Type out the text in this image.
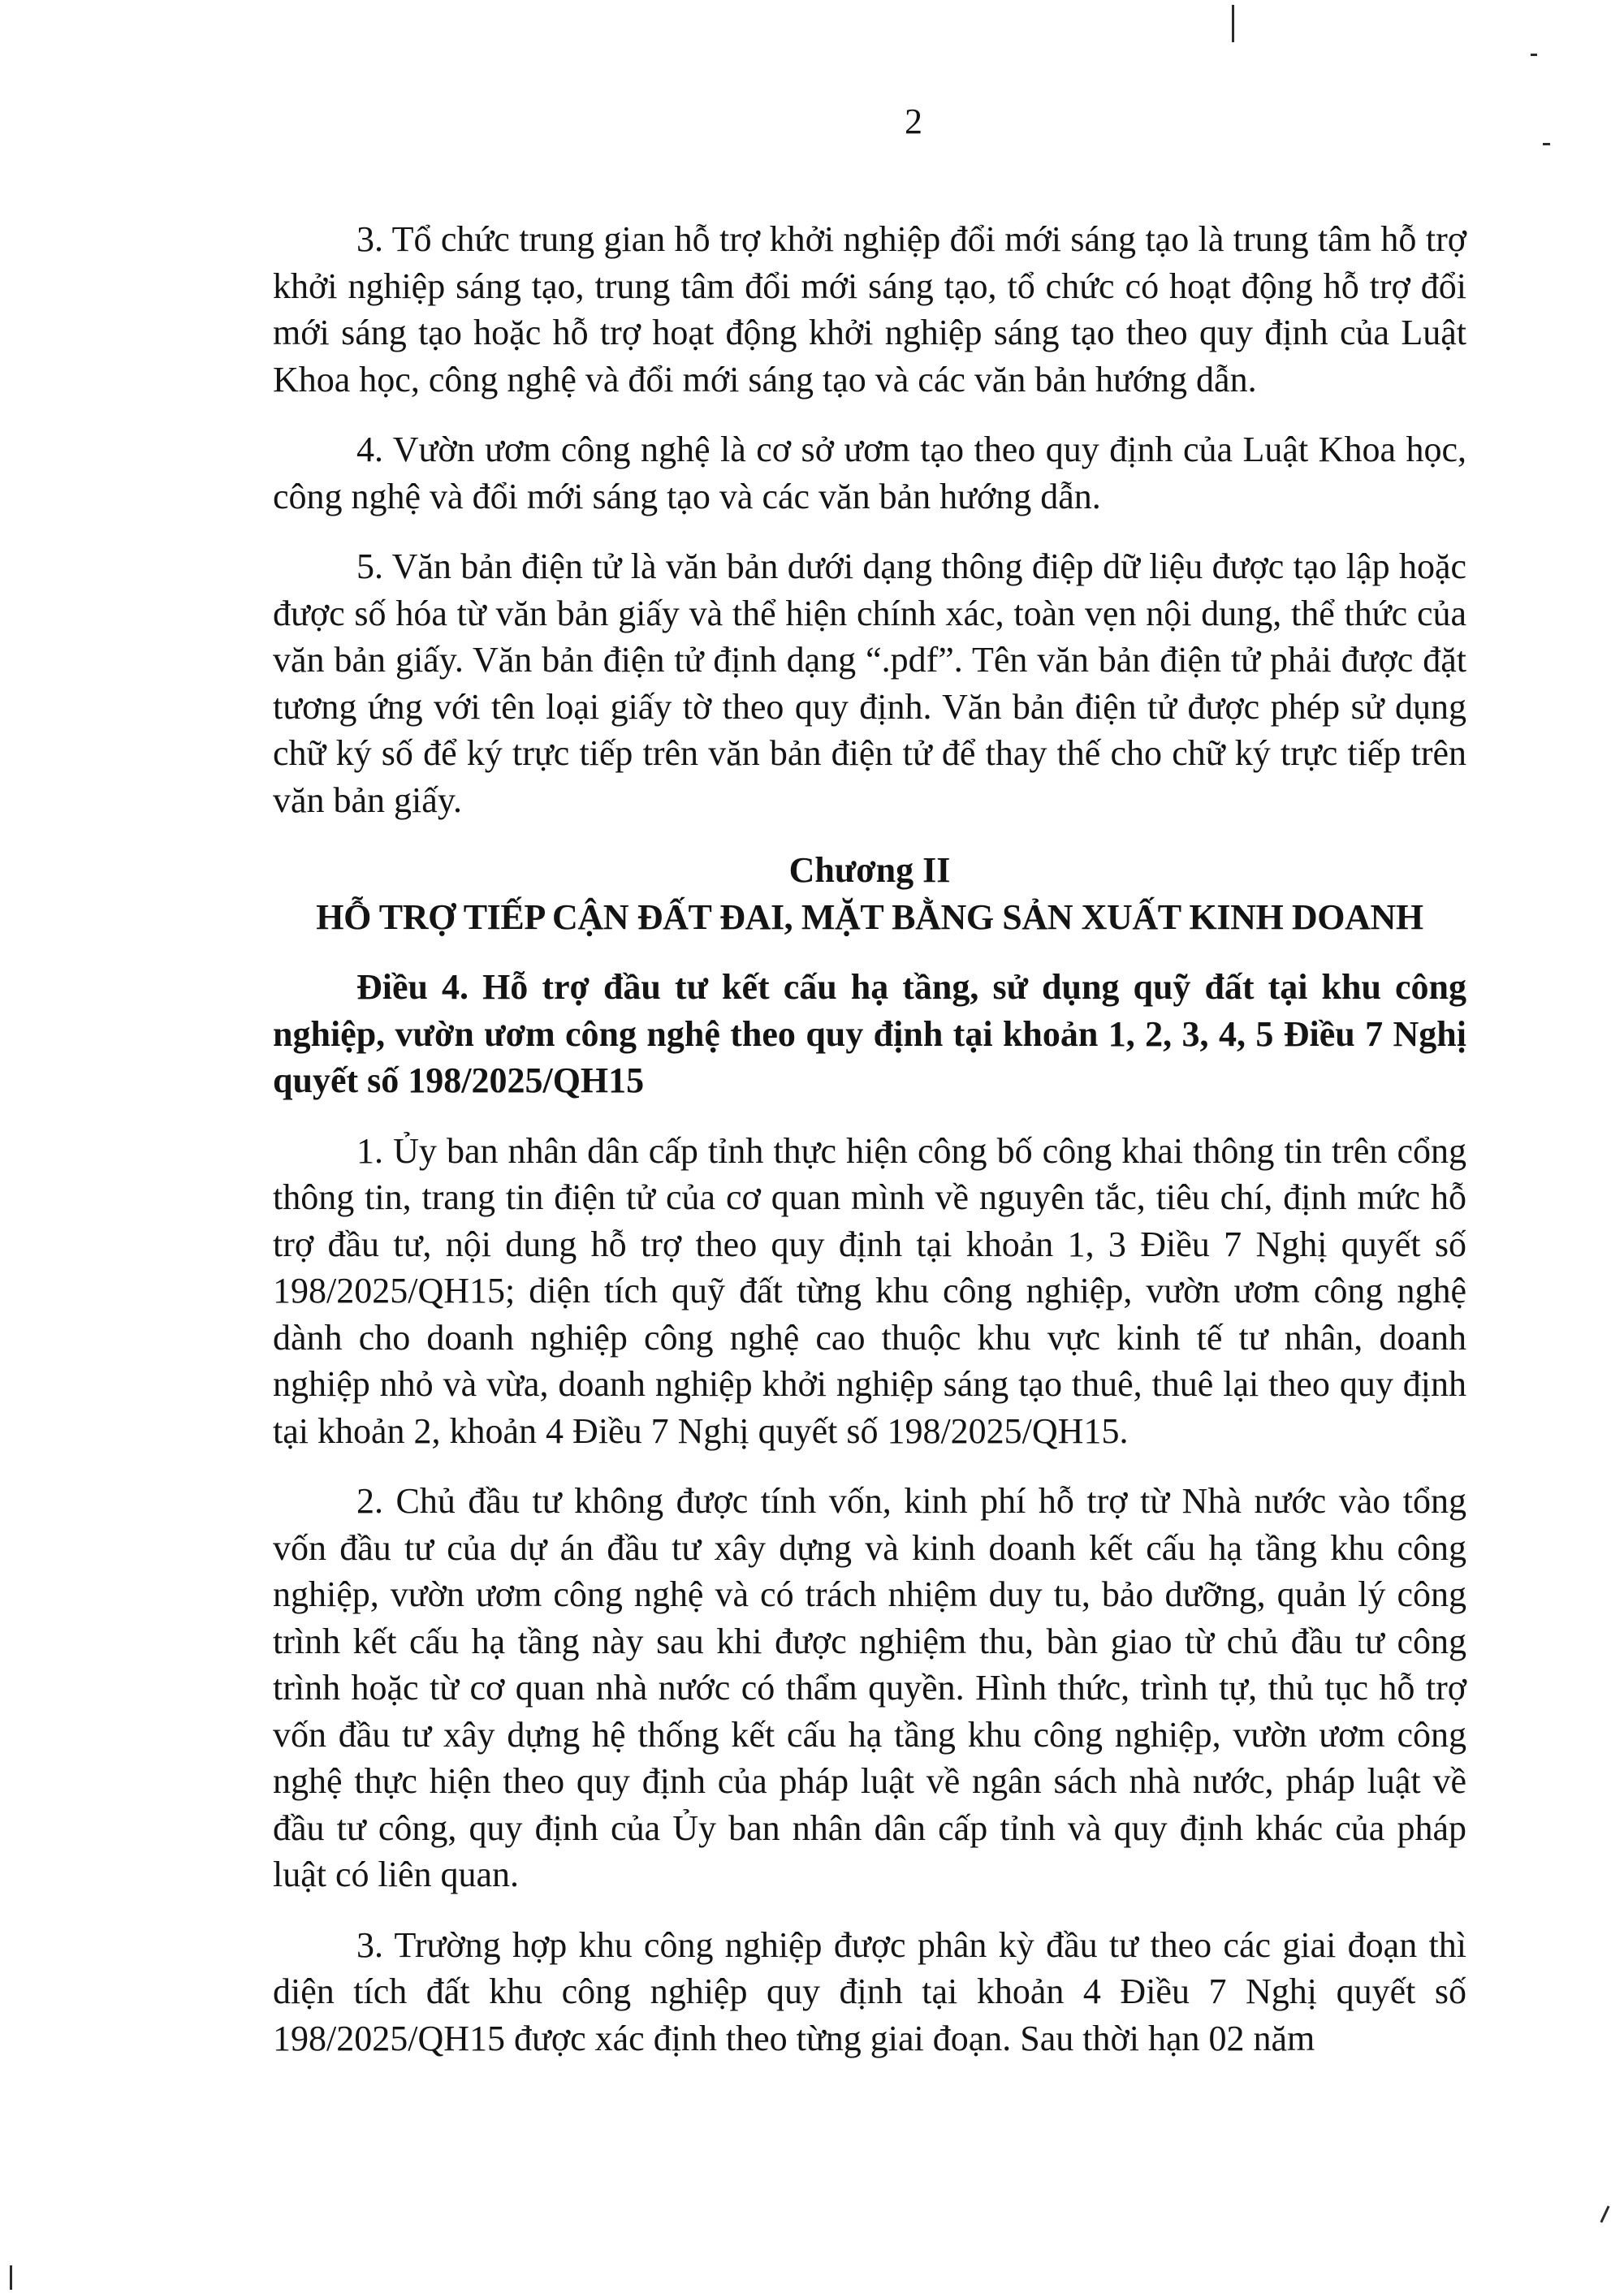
2

3. Tổ chức trung gian hỗ trợ khởi nghiệp đổi mới sáng tạo là trung tâm hỗ trợ khởi nghiệp sáng tạo, trung tâm đổi mới sáng tạo, tổ chức có hoạt động hỗ trợ đổi mới sáng tạo hoặc hỗ trợ hoạt động khởi nghiệp sáng tạo theo quy định của Luật Khoa học, công nghệ và đổi mới sáng tạo và các văn bản hướng dẫn.

4. Vườn ươm công nghệ là cơ sở ươm tạo theo quy định của Luật Khoa học, công nghệ và đổi mới sáng tạo và các văn bản hướng dẫn.

5. Văn bản điện tử là văn bản dưới dạng thông điệp dữ liệu được tạo lập hoặc được số hóa từ văn bản giấy và thể hiện chính xác, toàn vẹn nội dung, thể thức của văn bản giấy. Văn bản điện tử định dạng “.pdf”. Tên văn bản điện tử phải được đặt tương ứng với tên loại giấy tờ theo quy định. Văn bản điện tử được phép sử dụng chữ ký số để ký trực tiếp trên văn bản điện tử để thay thế cho chữ ký trực tiếp trên văn bản giấy.

Chương II

HỖ TRỢ TIẾP CẬN ĐẤT ĐAI, MẶT BẰNG SẢN XUẤT KINH DOANH

Điều 4. Hỗ trợ đầu tư kết cấu hạ tầng, sử dụng quỹ đất tại khu công nghiệp, vườn ươm công nghệ theo quy định tại khoản 1, 2, 3, 4, 5 Điều 7 Nghị quyết số 198/2025/QH15

1. Ủy ban nhân dân cấp tỉnh thực hiện công bố công khai thông tin trên cổng thông tin, trang tin điện tử của cơ quan mình về nguyên tắc, tiêu chí, định mức hỗ trợ đầu tư, nội dung hỗ trợ theo quy định tại khoản 1, 3 Điều 7 Nghị quyết số 198/2025/QH15; diện tích quỹ đất từng khu công nghiệp, vườn ươm công nghệ dành cho doanh nghiệp công nghệ cao thuộc khu vực kinh tế tư nhân, doanh nghiệp nhỏ và vừa, doanh nghiệp khởi nghiệp sáng tạo thuê, thuê lại theo quy định tại khoản 2, khoản 4 Điều 7 Nghị quyết số 198/2025/QH15.

2. Chủ đầu tư không được tính vốn, kinh phí hỗ trợ từ Nhà nước vào tổng vốn đầu tư của dự án đầu tư xây dựng và kinh doanh kết cấu hạ tầng khu công nghiệp, vườn ươm công nghệ và có trách nhiệm duy tu, bảo dưỡng, quản lý công trình kết cấu hạ tầng này sau khi được nghiệm thu, bàn giao từ chủ đầu tư công trình hoặc từ cơ quan nhà nước có thẩm quyền. Hình thức, trình tự, thủ tục hỗ trợ vốn đầu tư xây dựng hệ thống kết cấu hạ tầng khu công nghiệp, vườn ươm công nghệ thực hiện theo quy định của pháp luật về ngân sách nhà nước, pháp luật về đầu tư công, quy định của Ủy ban nhân dân cấp tỉnh và quy định khác của pháp luật có liên quan.

3. Trường hợp khu công nghiệp được phân kỳ đầu tư theo các giai đoạn thì diện tích đất khu công nghiệp quy định tại khoản 4 Điều 7 Nghị quyết số 198/2025/QH15 được xác định theo từng giai đoạn. Sau thời hạn 02 năm
